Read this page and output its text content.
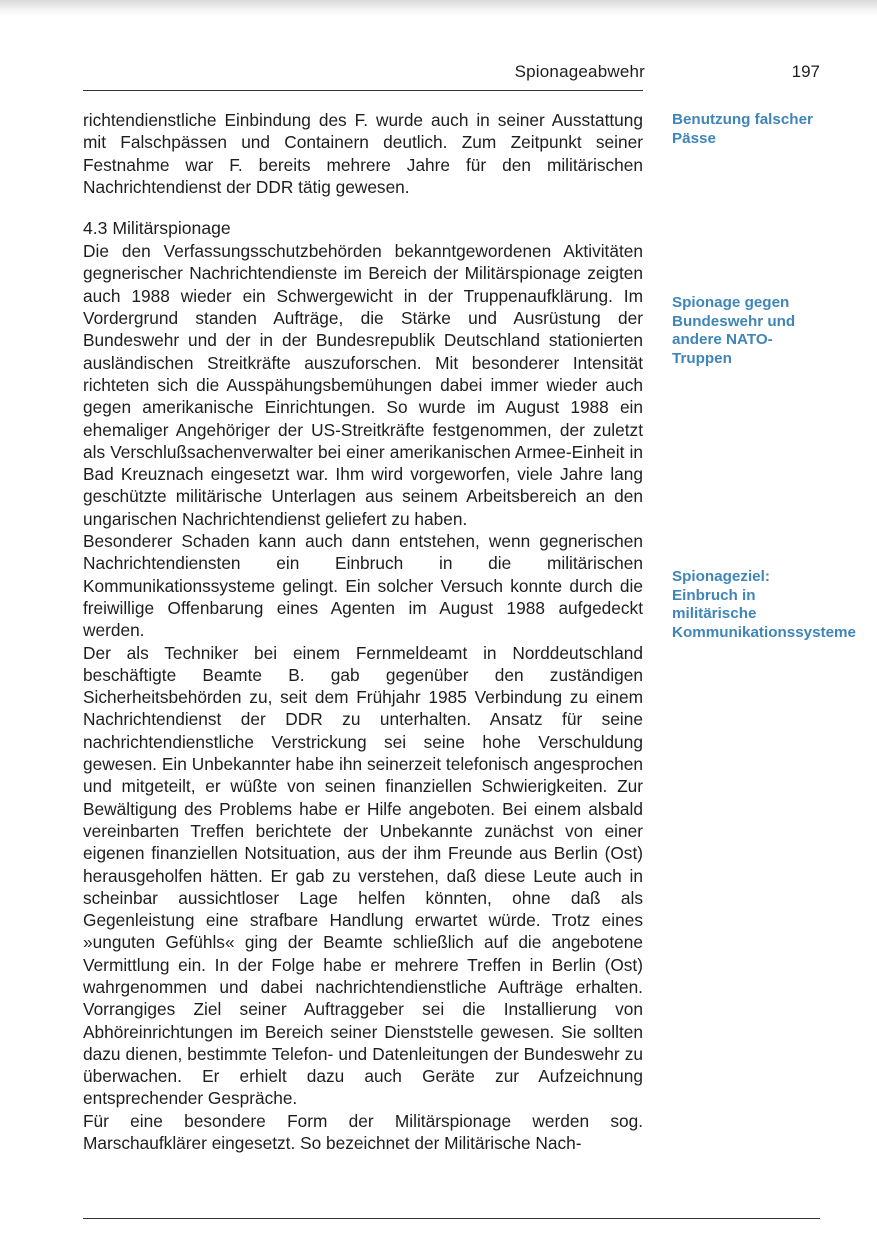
Spionageabwehr	197

richtendienstliche Einbindung des F. wurde auch in seiner Ausstattung mit Falschpässen und Containern deutlich. Zum Zeitpunkt seiner Festnahme war F. bereits mehrere Jahre für den militärischen Nachrichtendienst der DDR tätig gewesen.

4.3 Militärspionage

Die den Verfassungsschutzbehörden bekanntgewordenen Aktivitäten gegnerischer Nachrichtendienste im Bereich der Militärspionage zeigten auch 1988 wieder ein Schwergewicht in der Truppenaufklärung. Im Vordergrund standen Aufträge, die Stärke und Ausrüstung der Bundeswehr und der in der Bundesrepublik Deutschland stationierten ausländischen Streitkräfte auszuforschen. Mit besonderer Intensität richteten sich die Ausspähungsbemühungen dabei immer wieder auch gegen amerikanische Einrichtungen. So wurde im August 1988 ein ehemaliger Angehöriger der US-Streitkräfte festgenommen, der zuletzt als Verschlußsachenverwalter bei einer amerikanischen Armee-Einheit in Bad Kreuznach eingesetzt war. Ihm wird vorgeworfen, viele Jahre lang geschützte militärische Unterlagen aus seinem Arbeitsbereich an den ungarischen Nachrichtendienst geliefert zu haben.

Besonderer Schaden kann auch dann entstehen, wenn gegnerischen Nachrichtendiensten ein Einbruch in die militärischen Kommunikationssysteme gelingt. Ein solcher Versuch konnte durch die freiwillige Offenbarung eines Agenten im August 1988 aufgedeckt werden.

Der als Techniker bei einem Fernmeldeamt in Norddeutschland beschäftigte Beamte B. gab gegenüber den zuständigen Sicherheitsbehörden zu, seit dem Frühjahr 1985 Verbindung zu einem Nachrichtendienst der DDR zu unterhalten. Ansatz für seine nachrichtendienstliche Verstrickung sei seine hohe Verschuldung gewesen. Ein Unbekannter habe ihn seinerzeit telefonisch angesprochen und mitgeteilt, er wüßte von seinen finanziellen Schwierigkeiten. Zur Bewältigung des Problems habe er Hilfe angeboten. Bei einem alsbald vereinbarten Treffen berichtete der Unbekannte zunächst von einer eigenen finanziellen Notsituation, aus der ihm Freunde aus Berlin (Ost) herausgeholfen hätten. Er gab zu verstehen, daß diese Leute auch in scheinbar aussichtloser Lage helfen könnten, ohne daß als Gegenleistung eine strafbare Handlung erwartet würde. Trotz eines »unguten Gefühls« ging der Beamte schließlich auf die angebotene Vermittlung ein. In der Folge habe er mehrere Treffen in Berlin (Ost) wahrgenommen und dabei nachrichtendienstliche Aufträge erhalten. Vorrangiges Ziel seiner Auftraggeber sei die Installierung von Abhöreinrichtungen im Bereich seiner Dienststelle gewesen. Sie sollten dazu dienen, bestimmte Telefon- und Datenleitungen der Bundeswehr zu überwachen. Er erhielt dazu auch Geräte zur Aufzeichnung entsprechender Gespräche.

Für eine besondere Form der Militärspionage werden sog. Marschaufklärer eingesetzt. So bezeichnet der Militärische Nach-

Benutzung falscher Pässe
Spionage gegen Bundeswehr und andere NATO-Truppen
Spionageziel: Einbruch in militärische Kommunikationssysteme
